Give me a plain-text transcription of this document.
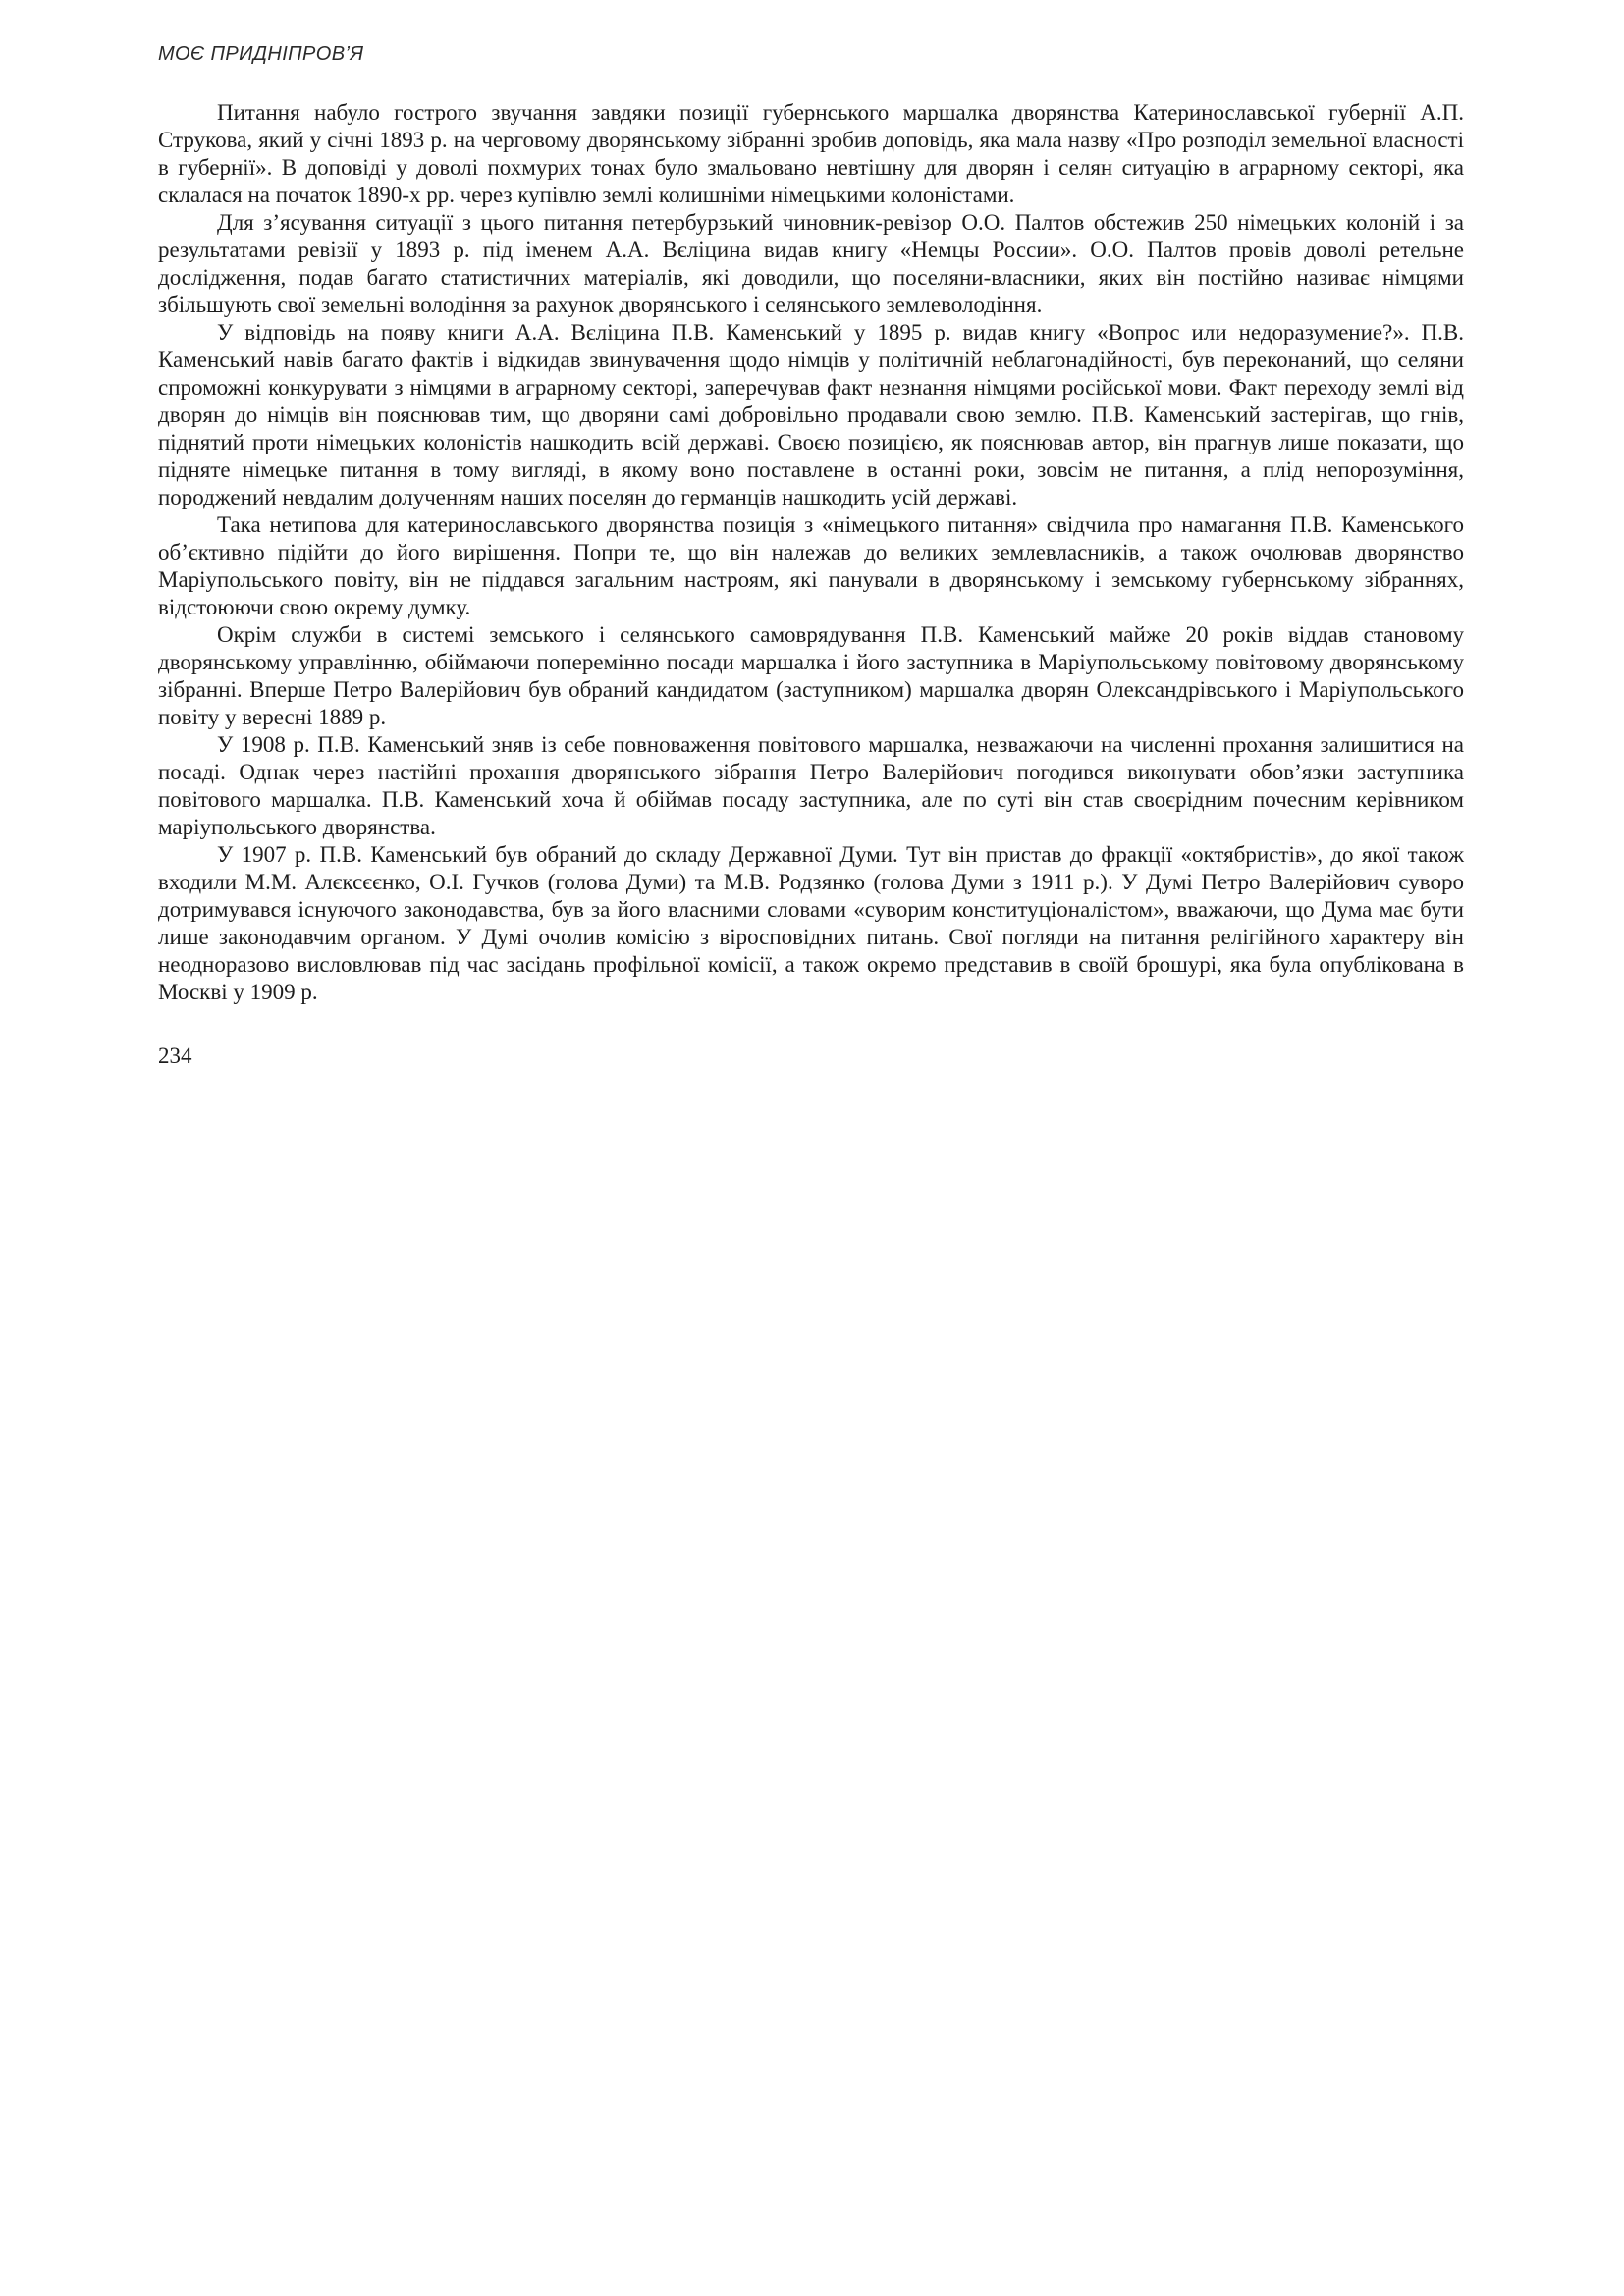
МОЄ ПРИДНІПРОВ’Я

Питання набуло гострого звучання завдяки позиції губернського маршалка дворянства Катеринославської губернії А.П. Струкова, який у січні 1893 р. на черговому дворянському зібранні зробив доповідь, яка мала назву «Про розподіл земельної власності в губернії». В доповіді у доволі похмурих тонах було змальовано невтішну для дворян і селян ситуацію в аграрному секторі, яка склалася на початок 1890-х рр. через купівлю землі колишніми німецькими колоністами.

Для з’ясування ситуації з цього питання петербурзький чиновник-ревізор О.О. Палтов обстежив 250 німецьких колоній і за результатами ревізії у 1893 р. під іменем А.А. Вєліцина видав книгу «Немцы России». О.О. Палтов провів доволі ретельне дослідження, подав багато статистичних матеріалів, які доводили, що поселяни-власники, яких він постійно називає німцями збільшують свої земельні володіння за рахунок дворянського і селянського землеволодіння.

У відповідь на появу книги А.А. Вєліцина П.В. Каменський у 1895 р. видав книгу «Вопрос или недоразумение?». П.В. Каменський навів багато фактів і відкидав звинувачення щодо німців у політичній неблагонадійності, був переконаний, що селяни спроможні конкурувати з німцями в аграрному секторі, заперечував факт незнання німцями російської мови. Факт переходу землі від дворян до німців він пояснював тим, що дворяни самі добровільно продавали свою землю. П.В. Каменський застерігав, що гнів, піднятий проти німецьких колоністів нашкодить всій державі. Своєю позицією, як пояснював автор, він прагнув лише показати, що підняте німецьке питання в тому вигляді, в якому воно поставлене в останні роки, зовсім не питання, а плід непорозуміння, породжений невдалим долученням наших поселян до германців нашкодить усій державі.

Така нетипова для катеринославського дворянства позиція з «німецького питання» свідчила про намагання П.В. Каменського об’єктивно підійти до його вирішення. Попри те, що він належав до великих землевласників, а також очолював дворянство Маріупольського повіту, він не піддався загальним настроям, які панували в дворянському і земському губернському зібраннях, відстоюючи свою окрему думку.

Окрім служби в системі земського і селянського самоврядування П.В. Каменський майже 20 років віддав становому дворянському управлінню, обіймаючи поперемінно посади маршалка і його заступника в Маріупольському повітовому дворянському зібранні. Вперше Петро Валерійович був обраний кандидатом (заступником) маршалка дворян Олександрівського і Маріупольського повіту у вересні 1889 р.

У 1908 р. П.В. Каменський зняв із себе повноваження повітового маршалка, незважаючи на численні прохання залишитися на посаді. Однак через настійні прохання дворянського зібрання Петро Валерійович погодився виконувати обов’язки заступника повітового маршалка. П.В. Каменський хоча й обіймав посаду заступника, але по суті він став своєрідним почесним керівником маріупольського дворянства.

У 1907 р. П.В. Каменський був обраний до складу Державної Думи. Тут він пристав до фракції «октябристів», до якої також входили М.М. Алєксєєнко, О.І. Гучков (голова Думи) та М.В. Родзянко (голова Думи з 1911 р.). У Думі Петро Валерійович суворо дотримувався існуючого законодавства, був за його власними словами «суворим конституціоналістом», вважаючи, що Дума має бути лише законодавчим органом. У Думі очолив комісію з віросповідних питань. Свої погляди на питання релігійного характеру він неодноразово висловлював під час засідань профільної комісії, а також окремо представив в своїй брошурі, яка була опублікована в Москві у 1909 р.

234
